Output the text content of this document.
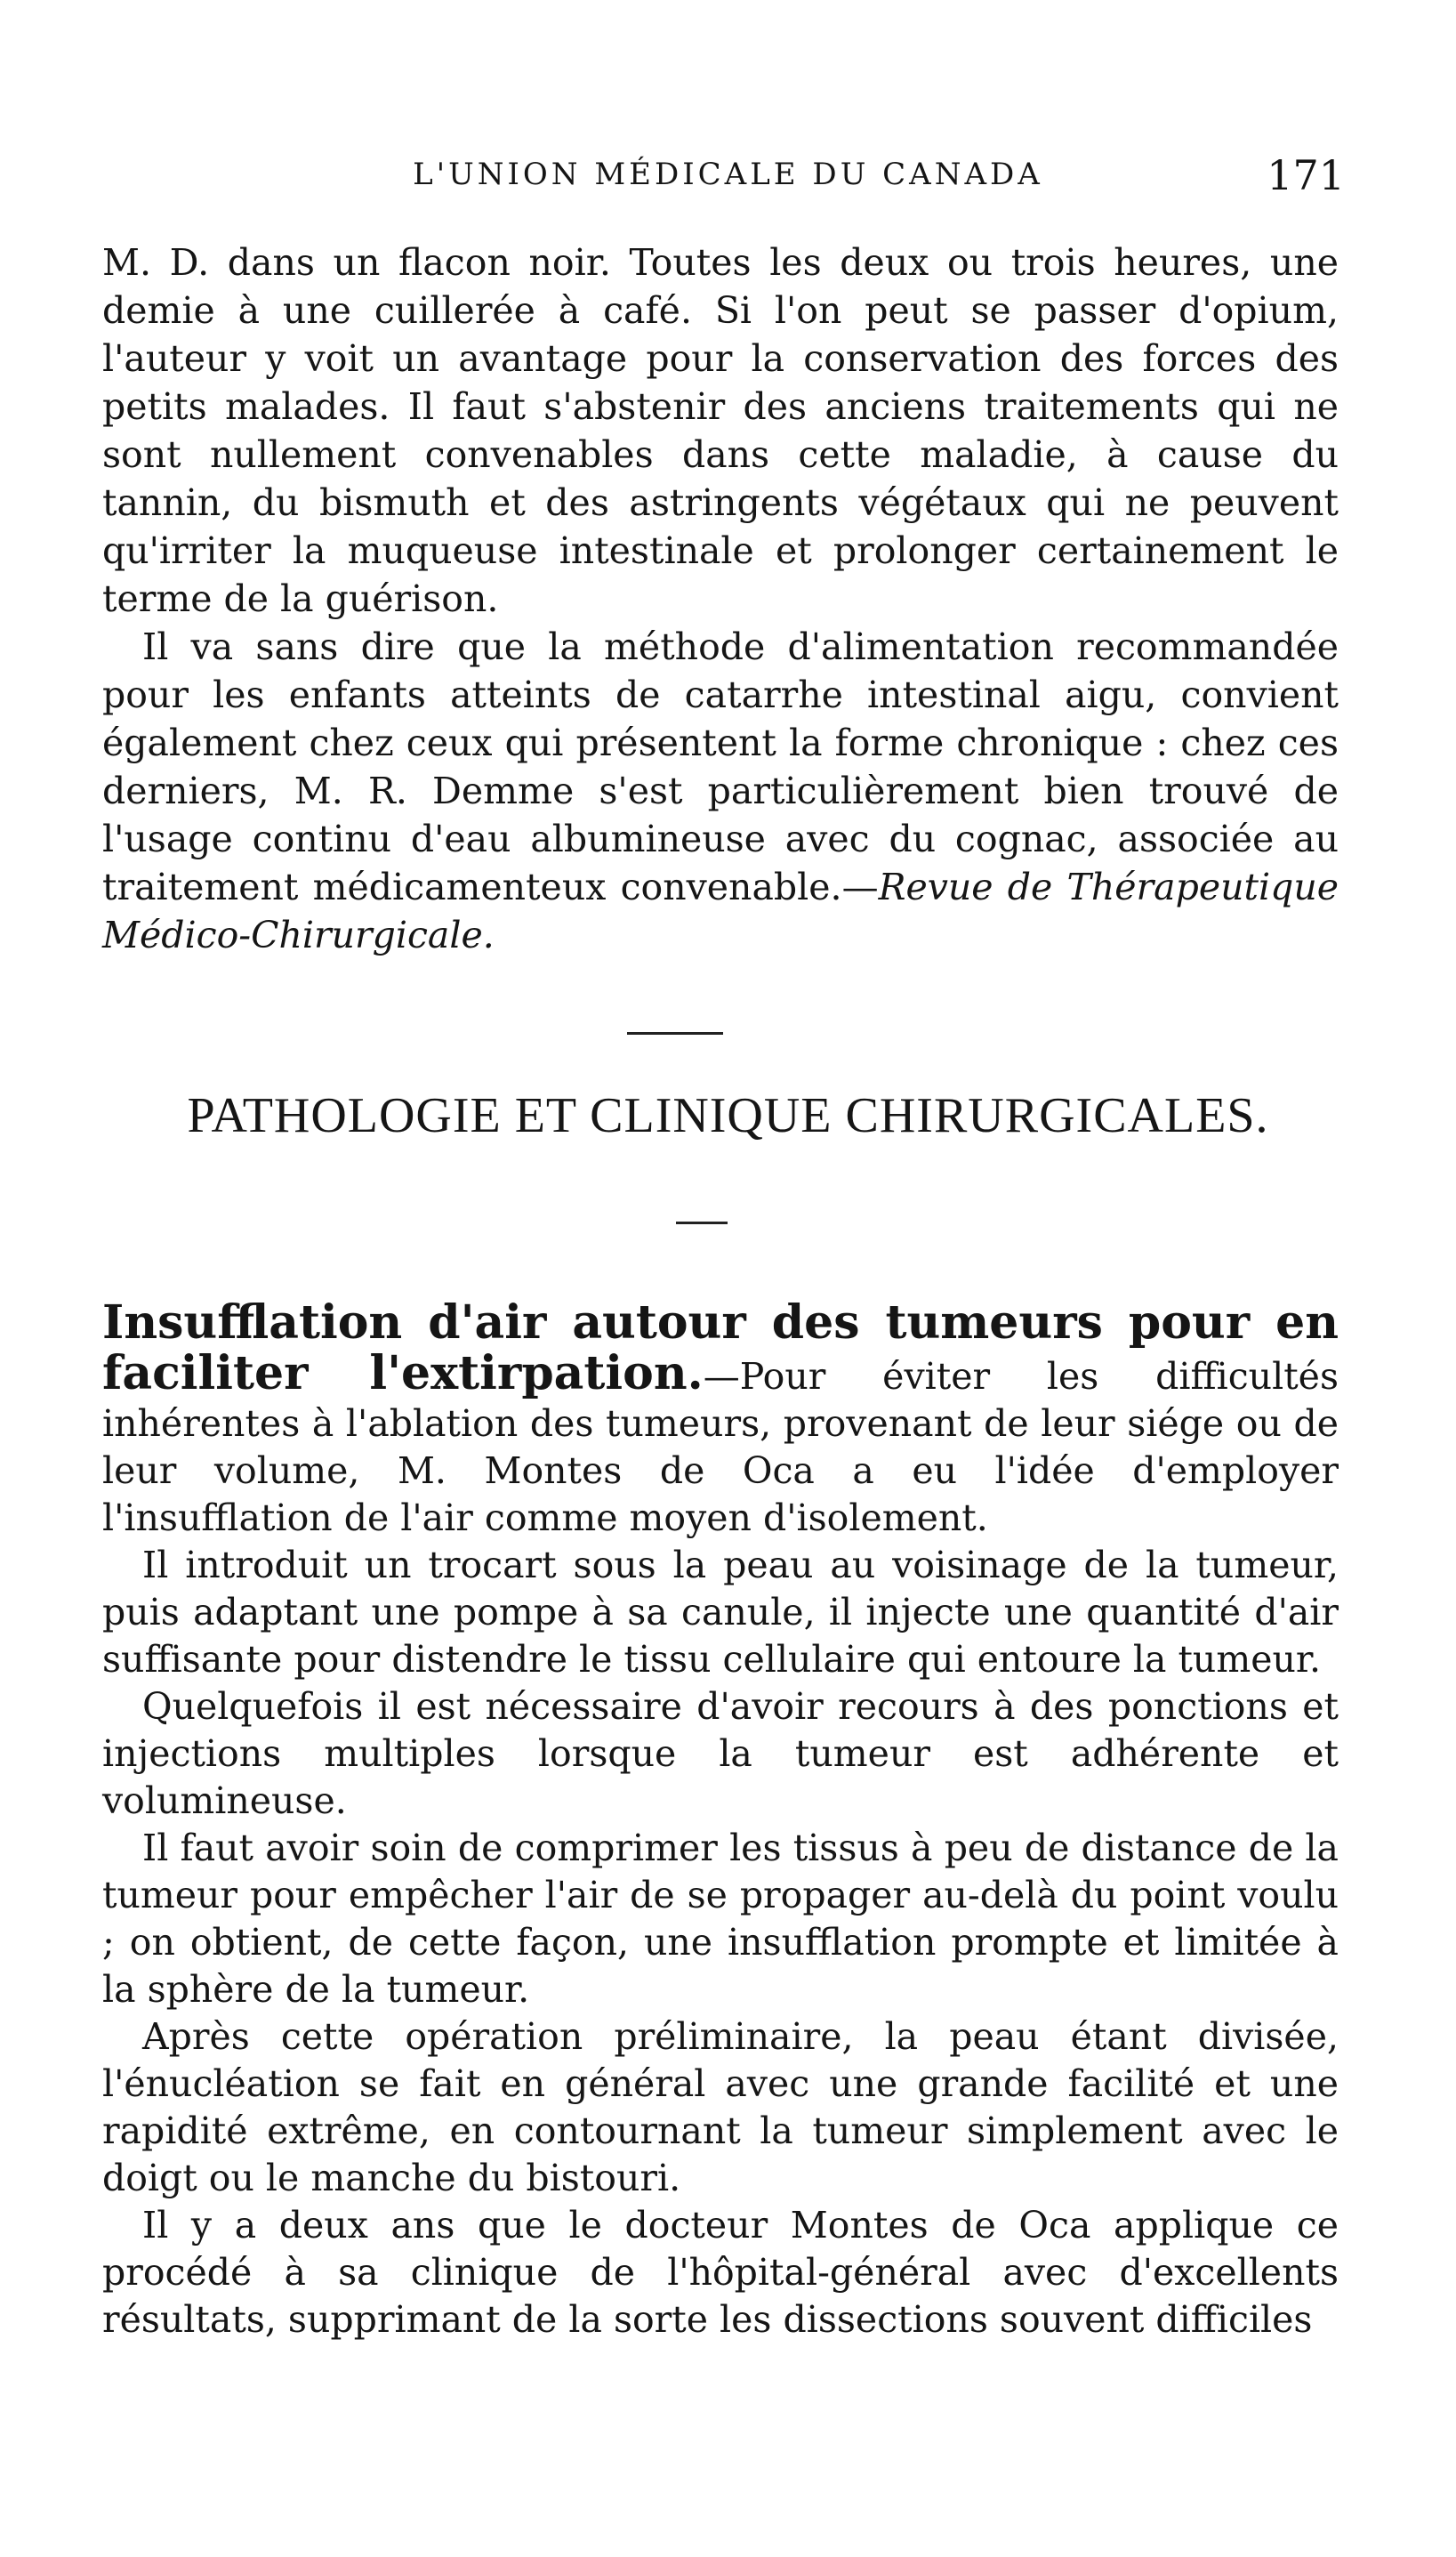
L'UNION MÉDICALE DU CANADA	171

M. D. dans un flacon noir. Toutes les deux ou trois heures, une demie à une cuillerée à café. Si l'on peut se passer d'opium, l'auteur y voit un avantage pour la conservation des forces des petits malades. Il faut s'abstenir des anciens traitements qui ne sont nullement convenables dans cette maladie, à cause du tannin, du bismuth et des astringents végétaux qui ne peuvent qu'irriter la muqueuse intestinale et prolonger certainement le terme de la guérison.

Il va sans dire que la méthode d'alimentation recommandée pour les enfants atteints de catarrhe intestinal aigu, convient également chez ceux qui présentent la forme chronique : chez ces derniers, M. R. Demme s'est particulièrement bien trouvé de l'usage continu d'eau albumineuse avec du cognac, associée au traitement médicamenteux convenable.—Revue de Thérapeutique Médico-Chirurgicale.

PATHOLOGIE ET CLINIQUE CHIRURGICALES.

Insufflation d'air autour des tumeurs pour en faciliter l'extirpation.—Pour éviter les difficultés inhérentes à l'ablation des tumeurs, provenant de leur siége ou de leur volume, M. Montes de Oca a eu l'idée d'employer l'insufflation de l'air comme moyen d'isolement.

Il introduit un trocart sous la peau au voisinage de la tumeur, puis adaptant une pompe à sa canule, il injecte une quantité d'air suffisante pour distendre le tissu cellulaire qui entoure la tumeur.

Quelquefois il est nécessaire d'avoir recours à des ponctions et injections multiples lorsque la tumeur est adhérente et volumineuse.

Il faut avoir soin de comprimer les tissus à peu de distance de la tumeur pour empêcher l'air de se propager au-delà du point voulu ; on obtient, de cette façon, une insufflation prompte et limitée à la sphère de la tumeur.

Après cette opération préliminaire, la peau étant divisée, l'énucléation se fait en général avec une grande facilité et une rapidité extrême, en contournant la tumeur simplement avec le doigt ou le manche du bistouri.

Il y a deux ans que le docteur Montes de Oca applique ce procédé à sa clinique de l'hôpital-général avec d'excellents résultats, supprimant de la sorte les dissections souvent difficiles
